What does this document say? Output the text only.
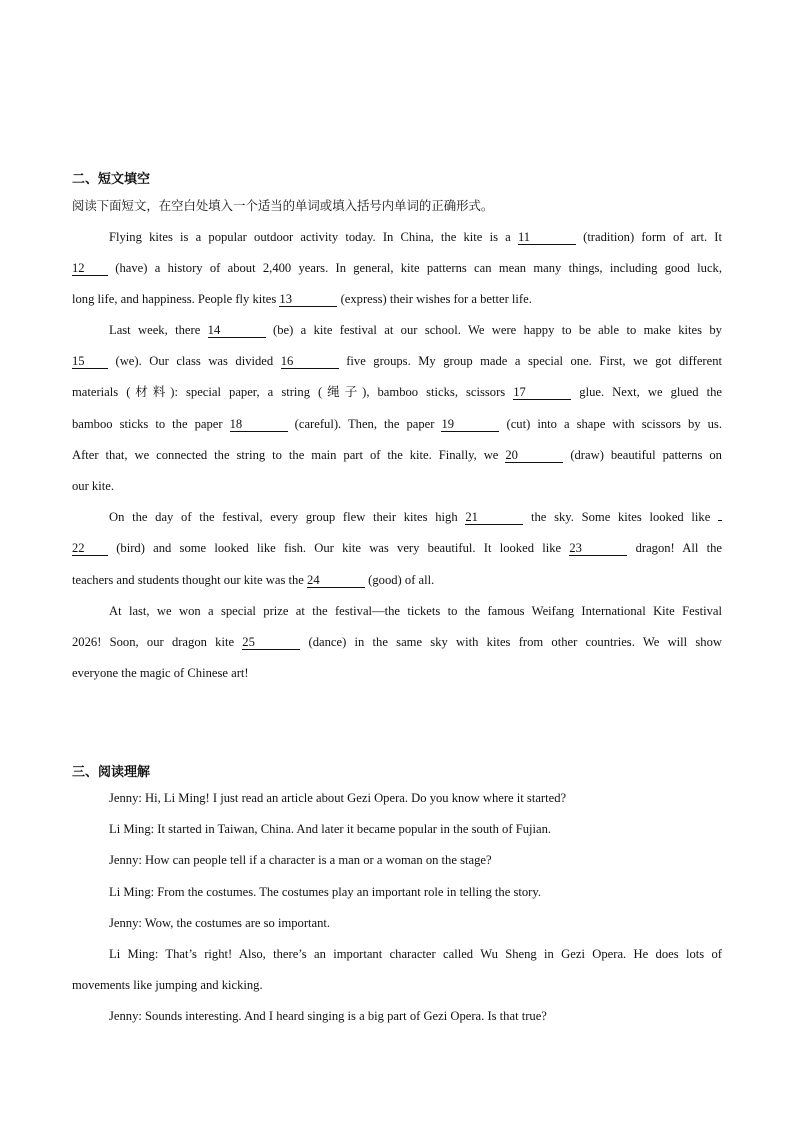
二、短文填空
阅读下面短文，在空白处填入一个适当的单词或填入括号内单词的正确形式。
Flying kites is a popular outdoor activity today. In China, the kite is a 11	(tradition) form of art. It
12 (have) a history of about 2,400 years. In general, kite patterns can mean many things, including good luck,
long life, and happiness. People fly kites 13	(express) their wishes for a better life.
Last week, there 14	(be) a kite festival at our school. We were happy to be able to make kites by
15 (we). Our class was divided 16	five groups. My group made a special one. First, we got different
materials (材料): special paper, a string (绳子), bamboo sticks, scissors 17	glue. Next, we glued the
bamboo sticks to the paper 18	(careful). Then, the paper 19	(cut) into a shape with scissors by us.
After that, we connected the string to the main part of the kite. Finally, we 20	(draw) beautiful patterns on
our kite.
On the day of the festival, every group flew their kites high 21	the sky. Some kites looked like
22 (bird) and some looked like fish. Our kite was very beautiful. It looked like 23	dragon! All the
teachers and students thought our kite was the 24	(good) of all.
At last, we won a special prize at the festival—the tickets to the famous Weifang International Kite Festival
2026! Soon, our dragon kite 25	(dance) in the same sky with kites from other countries. We will show
everyone the magic of Chinese art!
三、阅读理解
Jenny: Hi, Li Ming! I just read an article about Gezi Opera. Do you know where it started?
Li Ming: It started in Taiwan, China. And later it became popular in the south of Fujian.
Jenny: How can people tell if a character is a man or a woman on the stage?
Li Ming: From the costumes. The costumes play an important role in telling the story.
Jenny: Wow, the costumes are so important.
Li Ming: That’s right! Also, there’s an important character called Wu Sheng in Gezi Opera. He does lots of
movements like jumping and kicking.
Jenny: Sounds interesting. And I heard singing is a big part of Gezi Opera. Is that true?
